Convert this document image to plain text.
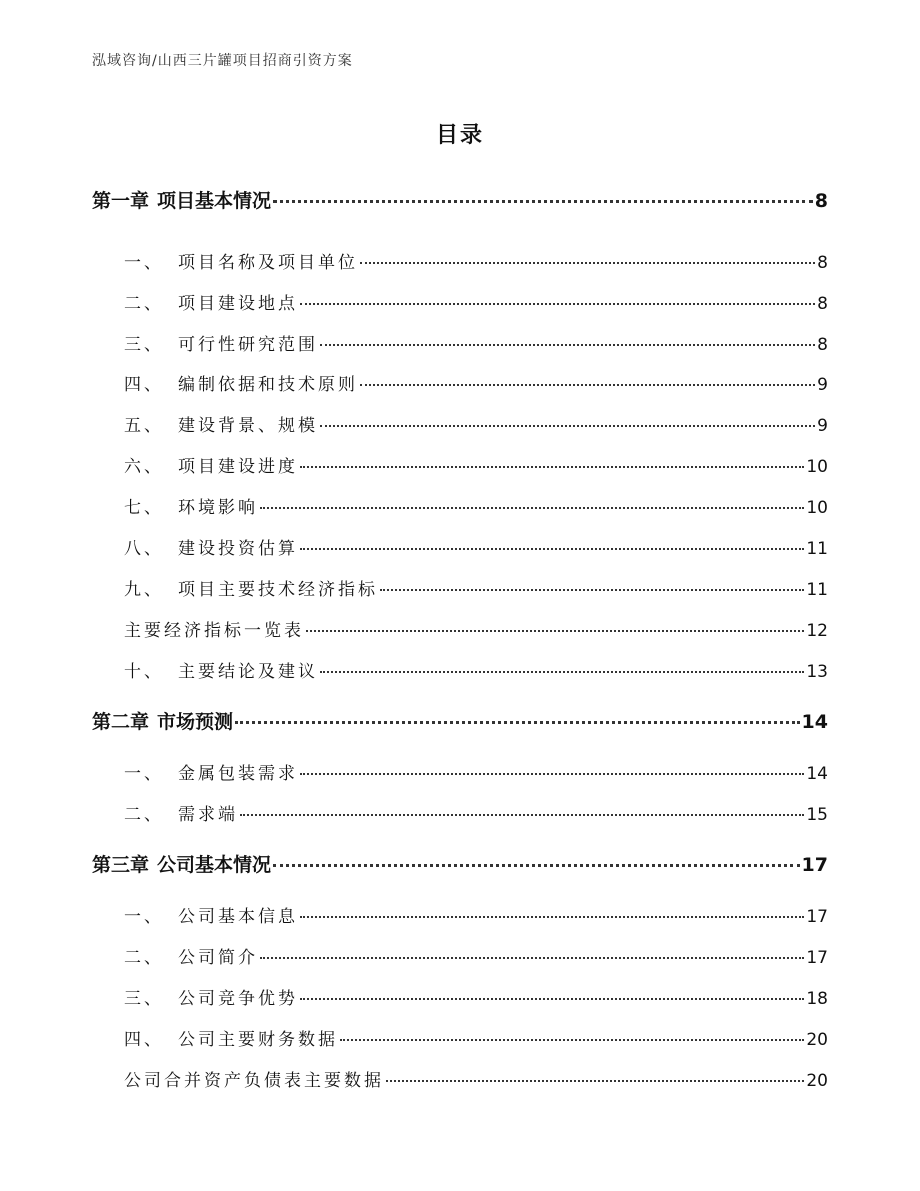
泓域咨询/山西三片罐项目招商引资方案
目录
第一章 项目基本情况	8
一、 项目名称及项目单位	8
二、 项目建设地点	8
三、 可行性研究范围	8
四、 编制依据和技术原则	9
五、 建设背景、规模	9
六、 项目建设进度	10
七、 环境影响	10
八、 建设投资估算	11
九、 项目主要技术经济指标	11
主要经济指标一览表	12
十、 主要结论及建议	13
第二章 市场预测	14
一、 金属包装需求	14
二、 需求端	15
第三章 公司基本情况	17
一、 公司基本信息	17
二、 公司简介	17
三、 公司竞争优势	18
四、 公司主要财务数据	20
公司合并资产负债表主要数据	20
